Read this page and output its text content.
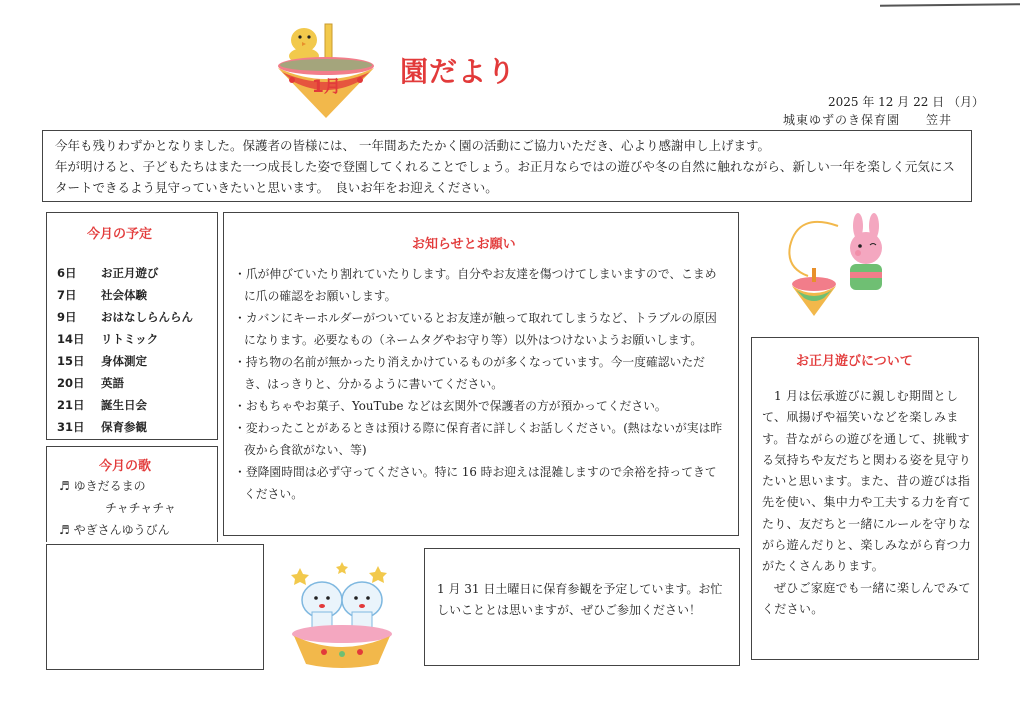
1月 園だより
2025 年 12 月 22 日 （月）
城東ゆずのき保育園　　笠井

今年も残りわずかとなりました。保護者の皆様には、 一年間あたたかく園の活動にご協力いただき、心より感謝申し上げます。

年が明けると、子どもたちはまた一つ成長した姿で登園してくれることでしょう。お正月ならではの遊びや冬の自然に触れながら、新しい一年を楽しく元気にスタートできるよう見守っていきたいと思います。　良いお年をお迎えください。

今月の予定
6日 お正月遊び
7日 社会体験
9日 おはなしらんらん
14日 リトミック
15日 身体測定
20日 英語
21日 誕生日会
31日 保育参観
今月の歌
♬ ゆきだるまの
チャチャチャ
♬ やぎさんゆうびん
お知らせとお願い
・ 爪が伸びていたり割れていたりします。自分やお友達を傷つけてしまいますので、こまめに爪の確認をお願いします。
・ カバンにキーホルダーがついているとお友達が触って取れてしまうなど、トラブルの原因になります。必要なもの（ネームタグやお守り等）以外はつけないようお願いします。
・ 持ち物の名前が無かったり消えかけているものが多くなっています。今一度確認いただき、はっきりと、分かるように書いてください。
・ おもちゃやお菓子、YouTube などは玄関外で保護者の方が預かってください。
・ 変わったことがあるときは預ける際に保育者に詳しくお話しください。(熱はないが実は昨夜から食欲がない、等)
・ 登降園時間は必ず守ってください。特に 16 時お迎えは混雑しますので余裕を持ってきてください。
1 月 31 日土曜日に保育参観を予定しています。お忙しいこととは思いますが、ぜひご参加ください！
お正月遊びについて
1 月は伝承遊びに親しむ期間として、凧揚げや福笑いなどを楽しみます。昔ながらの遊びを通して、挑戦する気持ちや友だちと関わる姿を見守りたいと思います。また、昔の遊びは指先を使い、集中力や工夫する力を育てたり、友だちと一緒にルールを守りながら遊んだりと、楽しみながら育つ力がたくさんあります。
ぜひご家庭でも一緒に楽しんでみてください。
